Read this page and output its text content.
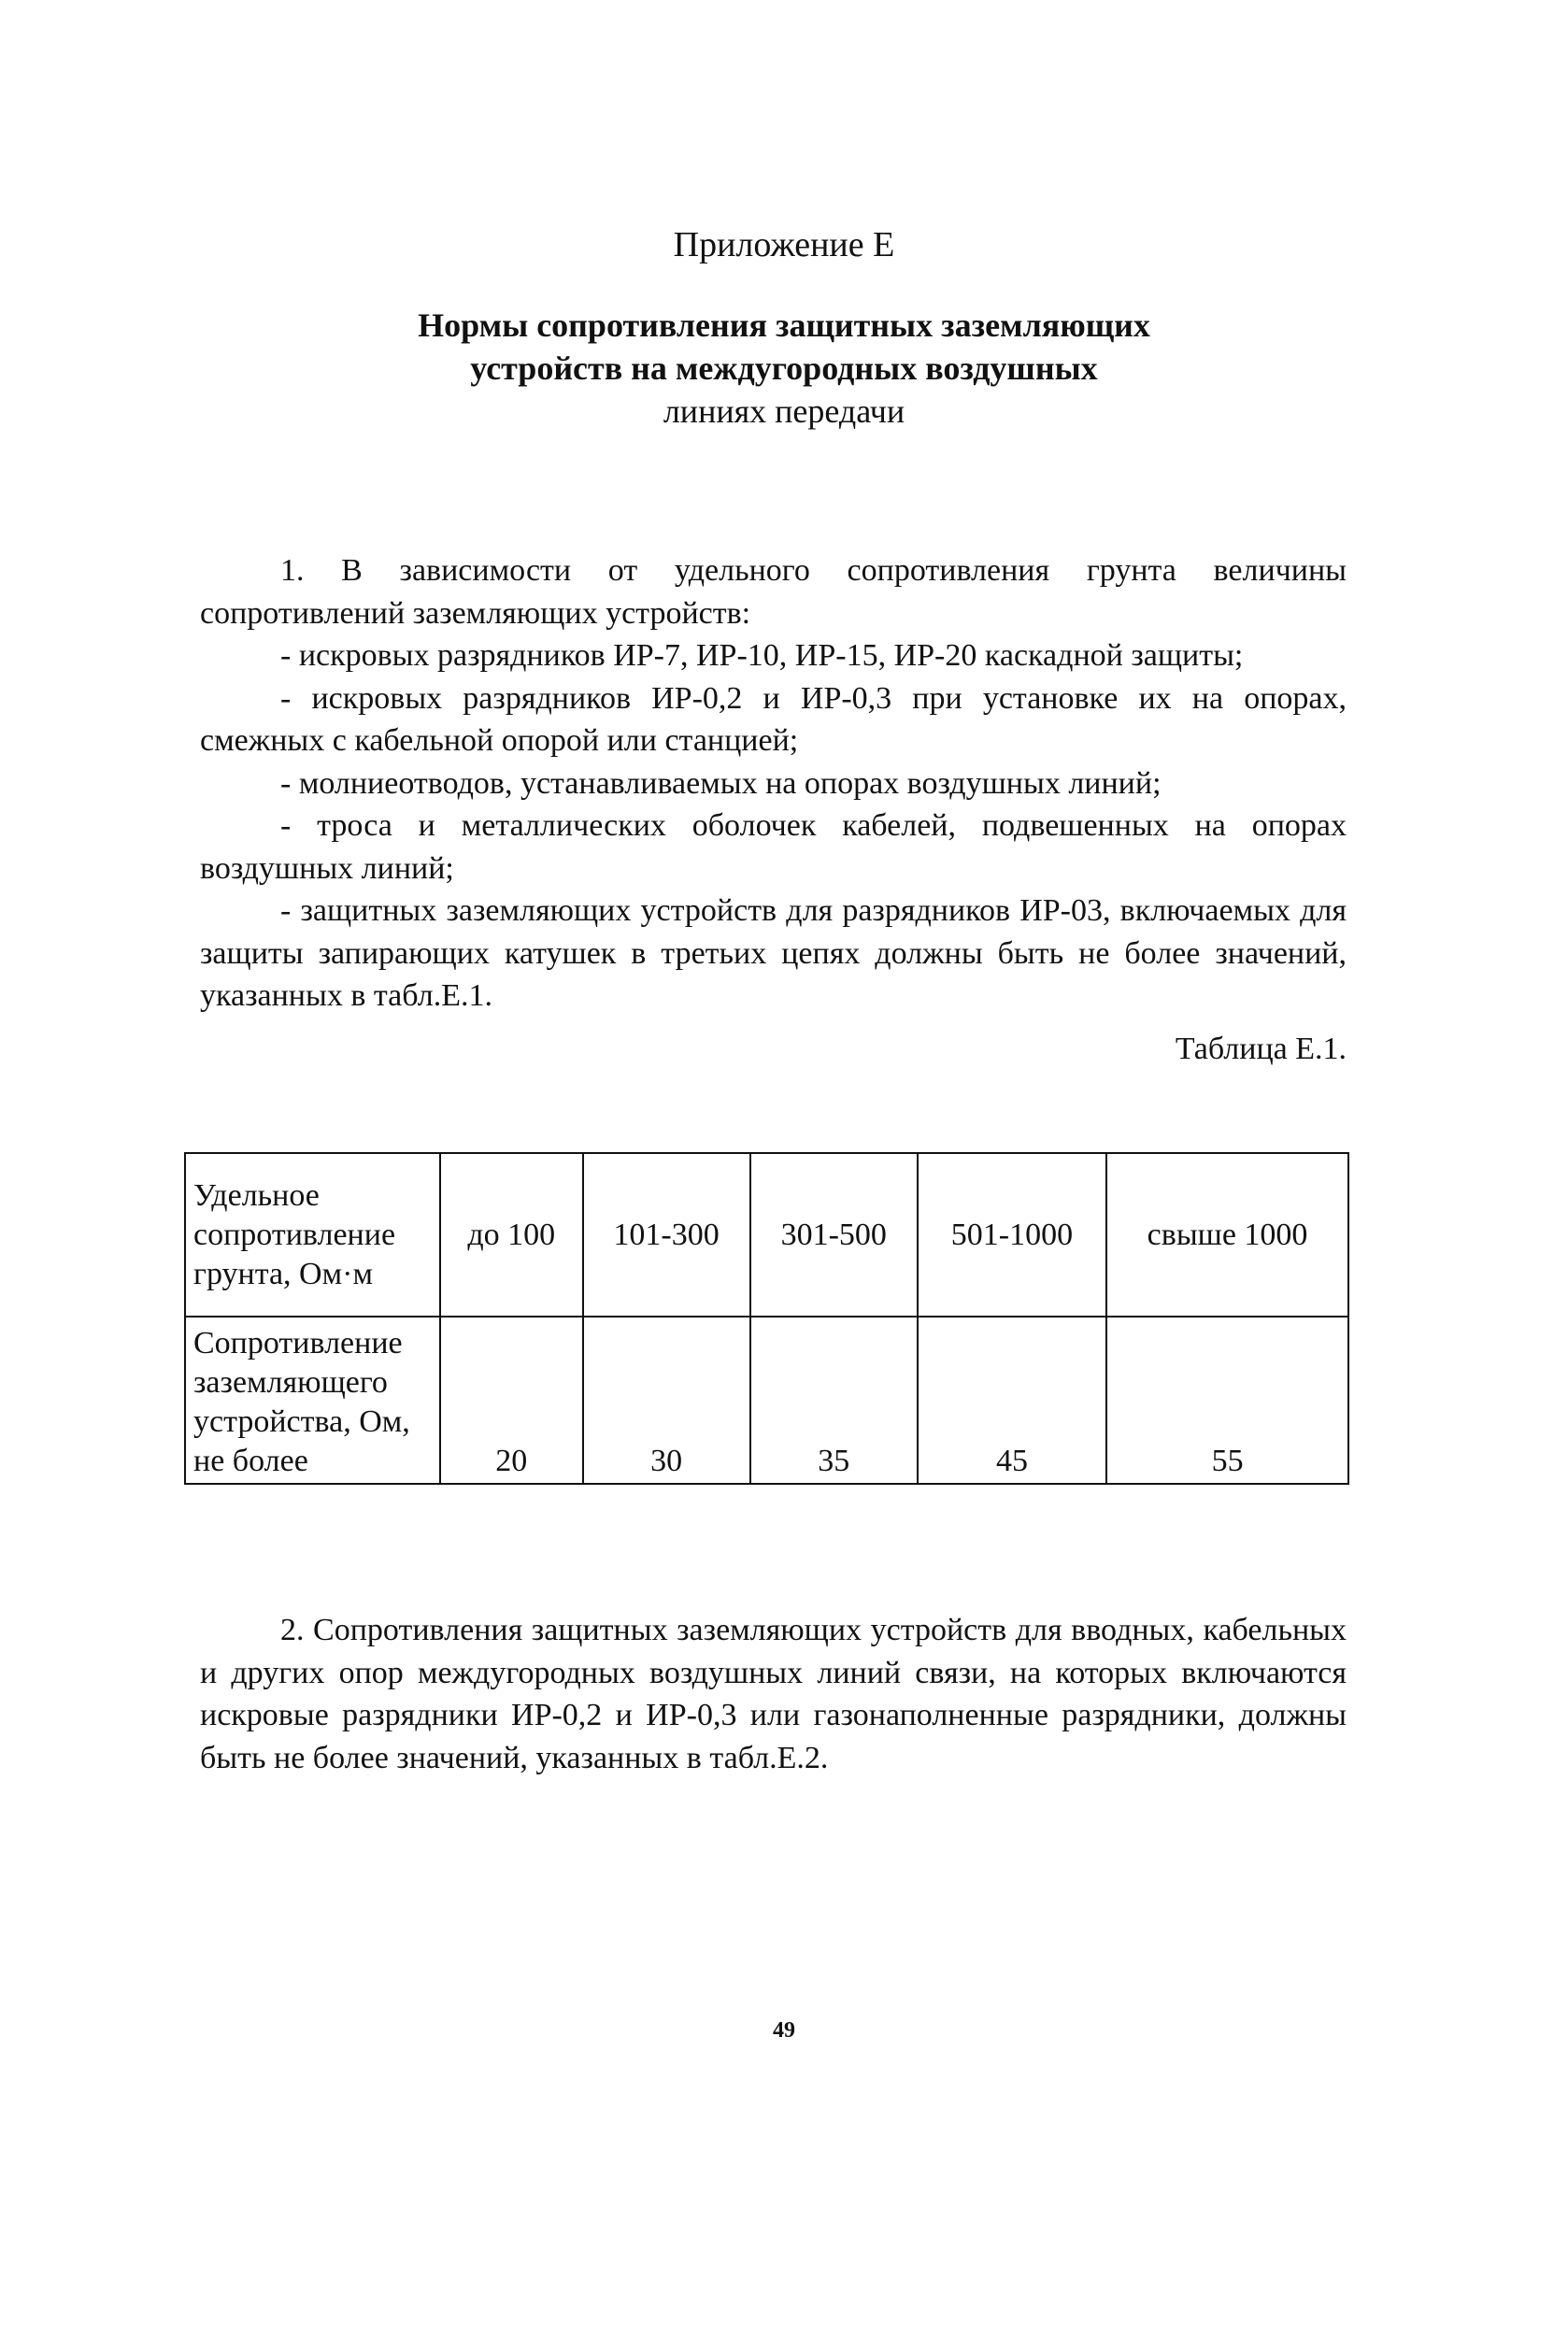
Приложение Е
Нормы сопротивления защитных заземляющих
устройств на междугородных воздушных
линиях передачи

1. В зависимости от удельного сопротивления грунта величины сопротивлений заземляющих устройств:

- искровых разрядников ИР-7, ИР-10, ИР-15, ИР-20 каскадной защиты;

- искровых разрядников ИР-0,2 и ИР-0,3 при установке их на опорах, смежных с кабельной опорой или станцией;

- молниеотводов, устанавливаемых на опорах воздушных линий;

- троса и металлических оболочек кабелей, подвешенных на опорах воздушных линий;

- защитных заземляющих устройств для разрядников ИР-03, включаемых для защиты запирающих катушек в третьих цепях должны быть не более значений, указанных в табл.Е.1.

Таблица Е.1.
Удельное сопротивление грунта, Ом·м	до 100	101-300	301-500	501-1000	свыше 1000
Сопротивление заземляющего устройства, Ом, не более	20	30	35	45	55

2. Сопротивления защитных заземляющих устройств для вводных, кабельных и других опор междугородных воздушных линий связи, на которых включаются искровые разрядники ИР-0,2 и ИР-0,3 или газонаполненные разрядники, должны быть не более значений, указанных в табл.Е.2.

49
